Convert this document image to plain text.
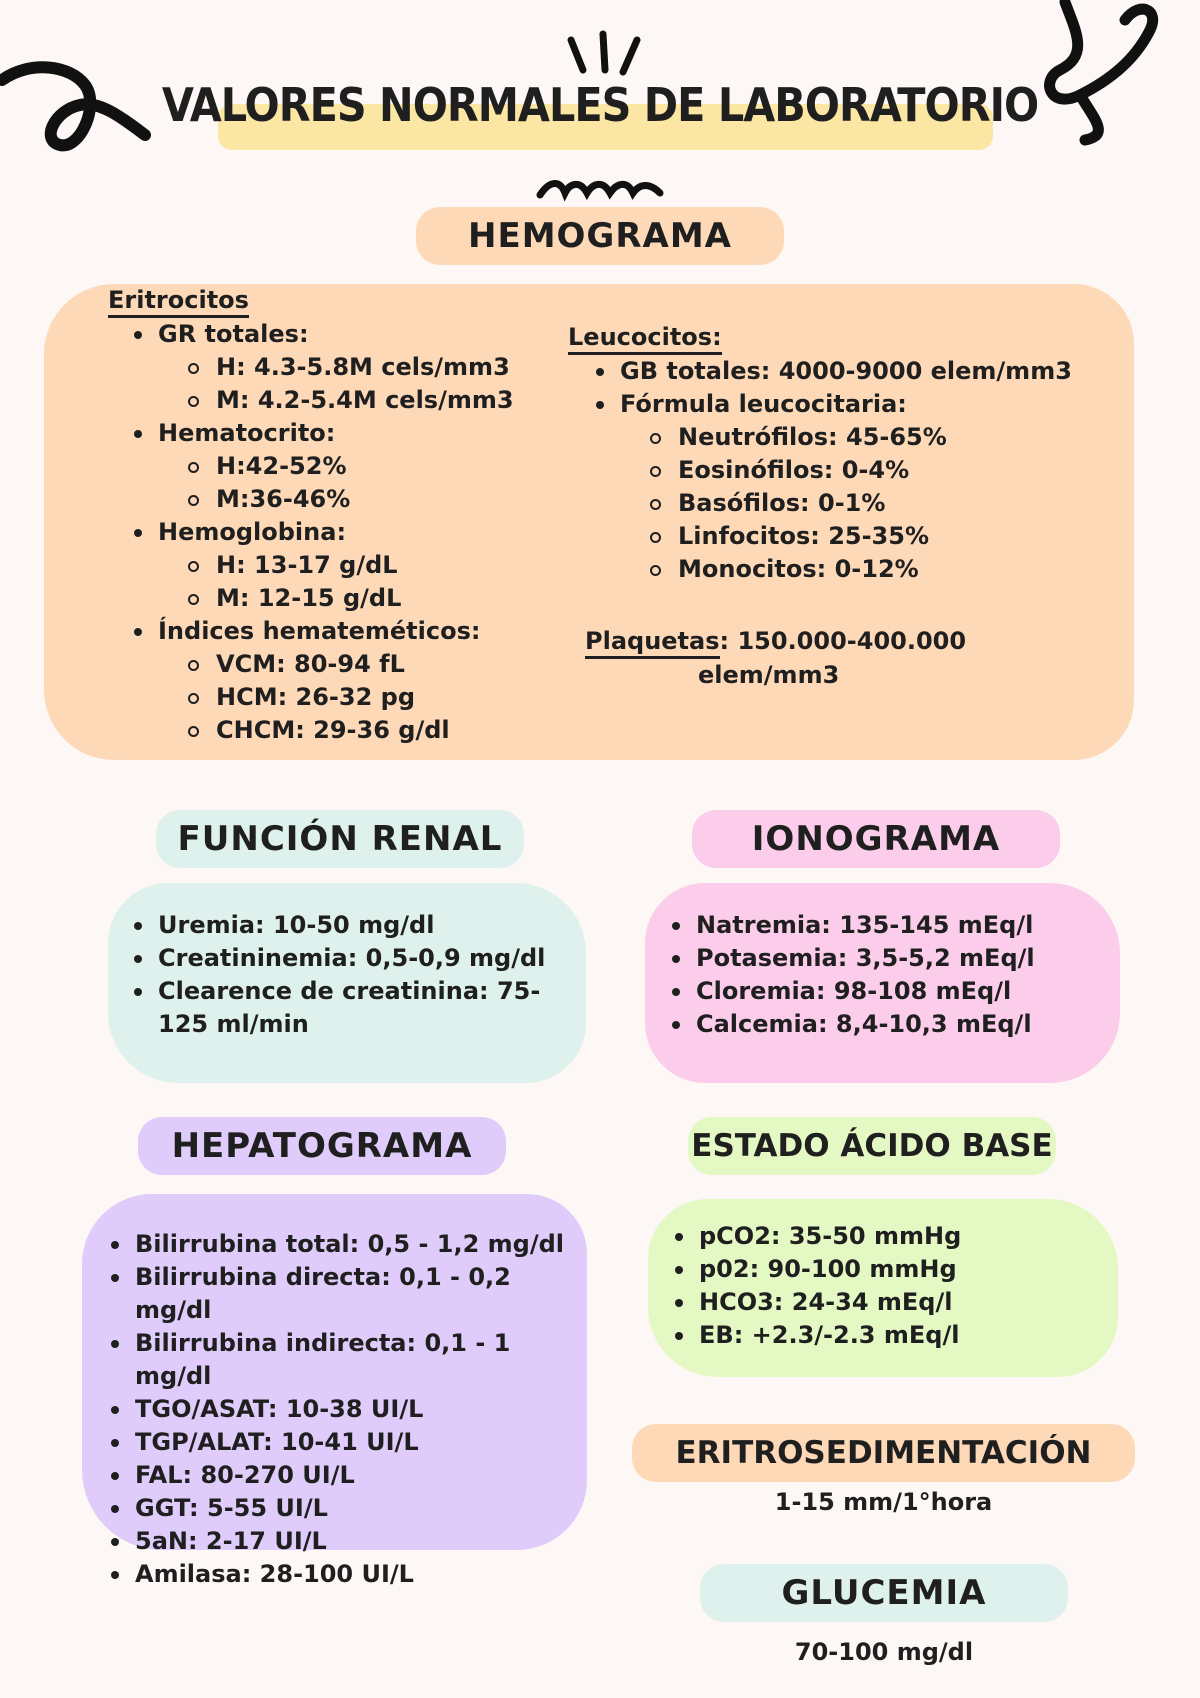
VALORES NORMALES DE LABORATORIO
HEMOGRAMA
Eritrocitos
GR totales:
H: 4.3-5.8M cels/mm3
M: 4.2-5.4M cels/mm3
Hematocrito:
H:42-52%
M:36-46%
Hemoglobina:
H: 13-17 g/dL
M: 12-15 g/dL
Índices hemateméticos:
VCM: 80-94 fL
HCM: 26-32 pg
CHCM: 29-36 g/dl
Leucocitos:
GB totales: 4000-9000 elem/mm3
Fórmula leucocitaria:
Neutrófilos: 45-65%
Eosinófilos: 0-4%
Basófilos: 0-1%
Linfocitos: 25-35%
Monocitos: 0-12%
Plaquetas: 150.000-400.000
elem/mm3
FUNCIÓN RENAL
Uremia: 10-50 mg/dl
Creatininemia: 0,5-0,9 mg/dl
Clearence de creatinina: 75-125 ml/min
IONOGRAMA
Natremia: 135-145 mEq/l
Potasemia: 3,5-5,2 mEq/l
Cloremia: 98-108 mEq/l
Calcemia: 8,4-10,3 mEq/l
HEPATOGRAMA
Bilirrubina total: 0,5 - 1,2 mg/dl
Bilirrubina directa: 0,1 - 0,2 mg/dl
Bilirrubina indirecta: 0,1 - 1 mg/dl
TGO/ASAT: 10-38 UI/L
TGP/ALAT: 10-41 UI/L
FAL: 80-270 UI/L
GGT: 5-55 UI/L
5aN: 2-17 UI/L
Amilasa: 28-100 UI/L
ESTADO ÁCIDO BASE
pCO2: 35-50 mmHg
p02: 90-100 mmHg
HCO3: 24-34 mEq/l
EB: +2.3/-2.3 mEq/l
ERITROSEDIMENTACIÓN
1-15 mm/1°hora
GLUCEMIA
70-100 mg/dl
